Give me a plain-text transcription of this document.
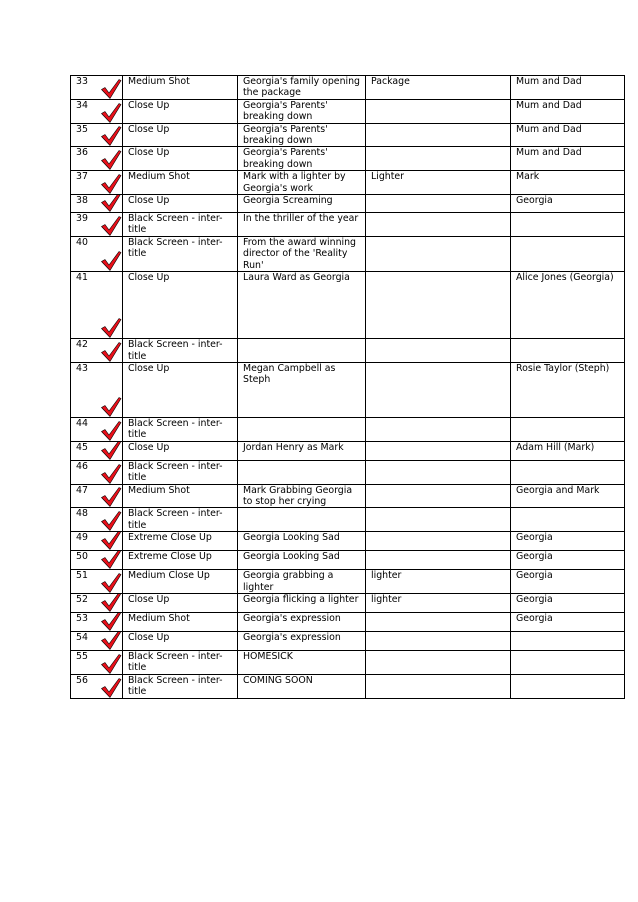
33	Medium Shot	Georgia's family opening the package	Package	Mum and Dad
34	Close Up	Georgia's Parents' breaking down		Mum and Dad
35	Close Up	Georgia's Parents' breaking down		Mum and Dad
36	Close Up	Georgia's Parents' breaking down		Mum and Dad
37	Medium Shot	Mark with a lighter by Georgia's work	Lighter	Mark
38	Close Up	Georgia Screaming		Georgia
39	Black Screen - inter-title	In the thriller of the year		
40	Black Screen - inter-title	From the award winning director of the 'Reality Run'		
41	Close Up	Laura Ward as Georgia		Alice Jones (Georgia)
42	Black Screen - inter-title			
43	Close Up	Megan Campbell as Steph		Rosie Taylor (Steph)
44	Black Screen - inter-title			
45	Close Up	Jordan Henry as Mark		Adam Hill (Mark)
46	Black Screen - inter-title			
47	Medium Shot	Mark Grabbing Georgia to stop her crying		Georgia and Mark
48	Black Screen - inter-title			
49	Extreme Close Up	Georgia Looking Sad		Georgia
50	Extreme Close Up	Georgia Looking Sad		Georgia
51	Medium Close Up	Georgia grabbing a lighter	lighter	Georgia
52	Close Up	Georgia flicking a lighter	lighter	Georgia
53	Medium Shot	Georgia's expression		Georgia
54	Close Up	Georgia's expression		
55	Black Screen - inter-title	HOMESICK		
56	Black Screen - inter-title	COMING SOON		
